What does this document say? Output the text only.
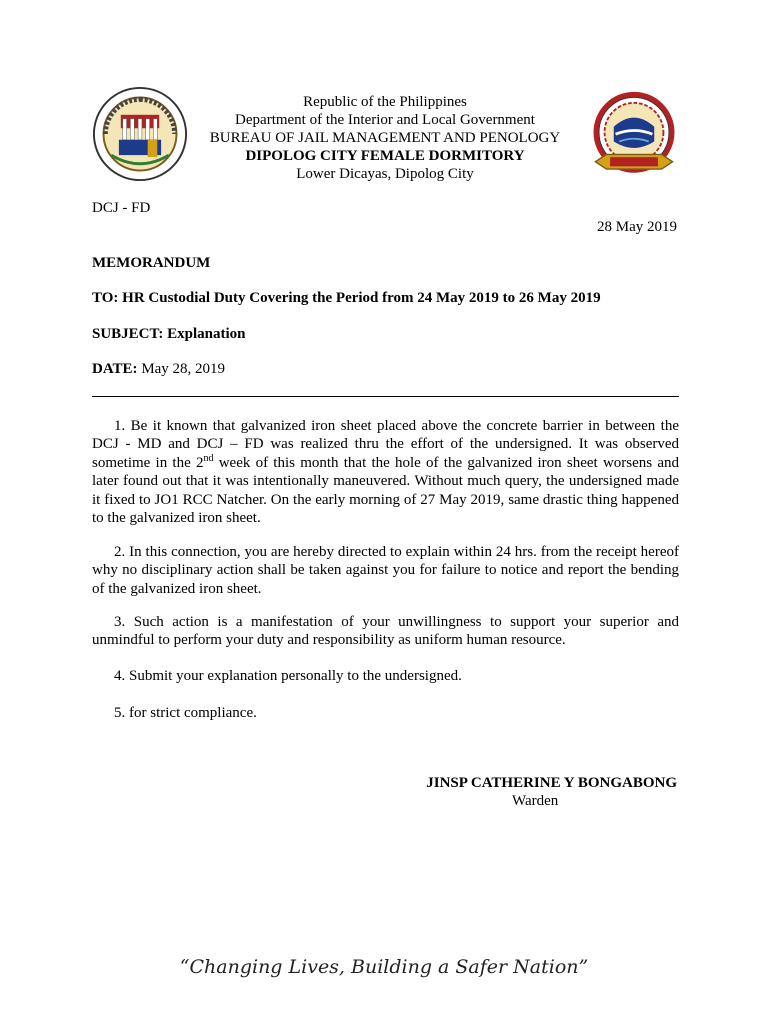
Republic of the Philippines
Department of the Interior and Local Government
BUREAU OF JAIL MANAGEMENT AND PENOLOGY
DIPOLOG CITY FEMALE DORMITORY
Lower Dicayas, Dipolog City
DCJ - FD
28 May 2019
MEMORANDUM
TO: HR Custodial Duty Covering the Period from 24 May 2019 to 26 May 2019
SUBJECT: Explanation
DATE: May 28, 2019
1. Be it known that galvanized iron sheet placed above the concrete barrier in between the DCJ - MD and DCJ – FD was realized thru the effort of the undersigned. It was observed sometime in the 2nd week of this month that the hole of the galvanized iron sheet worsens and later found out that it was intentionally maneuvered. Without much query, the undersigned made it fixed to JO1 RCC Natcher. On the early morning of 27 May 2019, same drastic thing happened to the galvanized iron sheet.
2. In this connection, you are hereby directed to explain within 24 hrs. from the receipt hereof why no disciplinary action shall be taken against you for failure to notice and report the bending of the galvanized iron sheet.
3. Such action is a manifestation of your unwillingness to support your superior and unmindful to perform your duty and responsibility as uniform human resource.
4. Submit your explanation personally to the undersigned.
5. for strict compliance.
JINSP CATHERINE Y BONGABONG
Warden
“Changing Lives, Building a Safer Nation”
